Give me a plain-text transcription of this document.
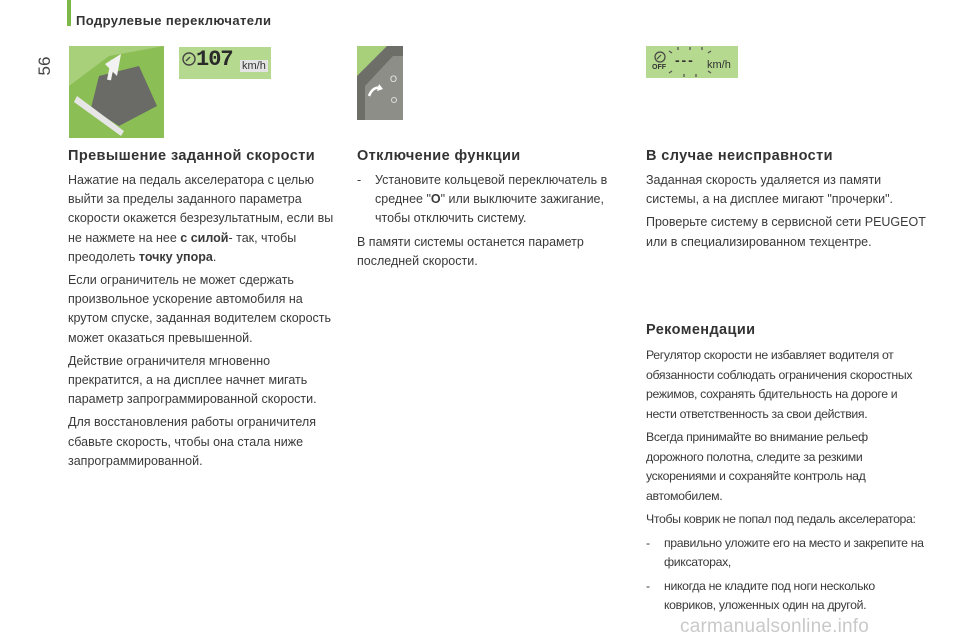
Подрулевые переключатели
56	107 km/h
Превышение заданной скорости

Нажатие на педаль акселератора с целью выйти за пределы заданного параметра скорости окажется безрезультатным, если вы не нажмете на нее с силой- так, чтобы преодолеть точку упора.

Если ограничитель не может сдержать произвольное ускорение автомобиля на крутом спуске, заданная водителем скорость может оказаться превышенной.

Действие ограничителя мгновенно прекратится, а на дисплее начнет мигать параметр запрограммированной скорости.

Для восстановления работы ограничителя сбавьте скорость, чтобы она стала ниже запрограммированной.

O
Отключение функции

-	Установите кольцевой переключатель в среднее "O" или выключите зажигание, чтобы отключить систему.

В памяти системы останется параметр последней скорости.

OFF - - - km/h
В случае неисправности

Заданная скорость удаляется из памяти системы, а на дисплее мигают "прочерки".

Проверьте систему в сервисной сети PEUGEOT или в специализированном техцентре.

Рекомендации

Регулятор скорости не избавляет водителя от обязанности соблюдать ограничения скоростных режимов, сохранять бдительность на дороге и нести ответственность за свои действия.

Всегда принимайте во внимание рельеф дорожного полотна, следите за резкими ускорениями и сохраняйте контроль над автомобилем.

Чтобы коврик не попал под педаль акселератора:

-	правильно уложите его на место и закрепите на фиксаторах,

-	никогда не кладите под ноги несколько ковриков, уложенных один на другой.

carmanualsonline.info
